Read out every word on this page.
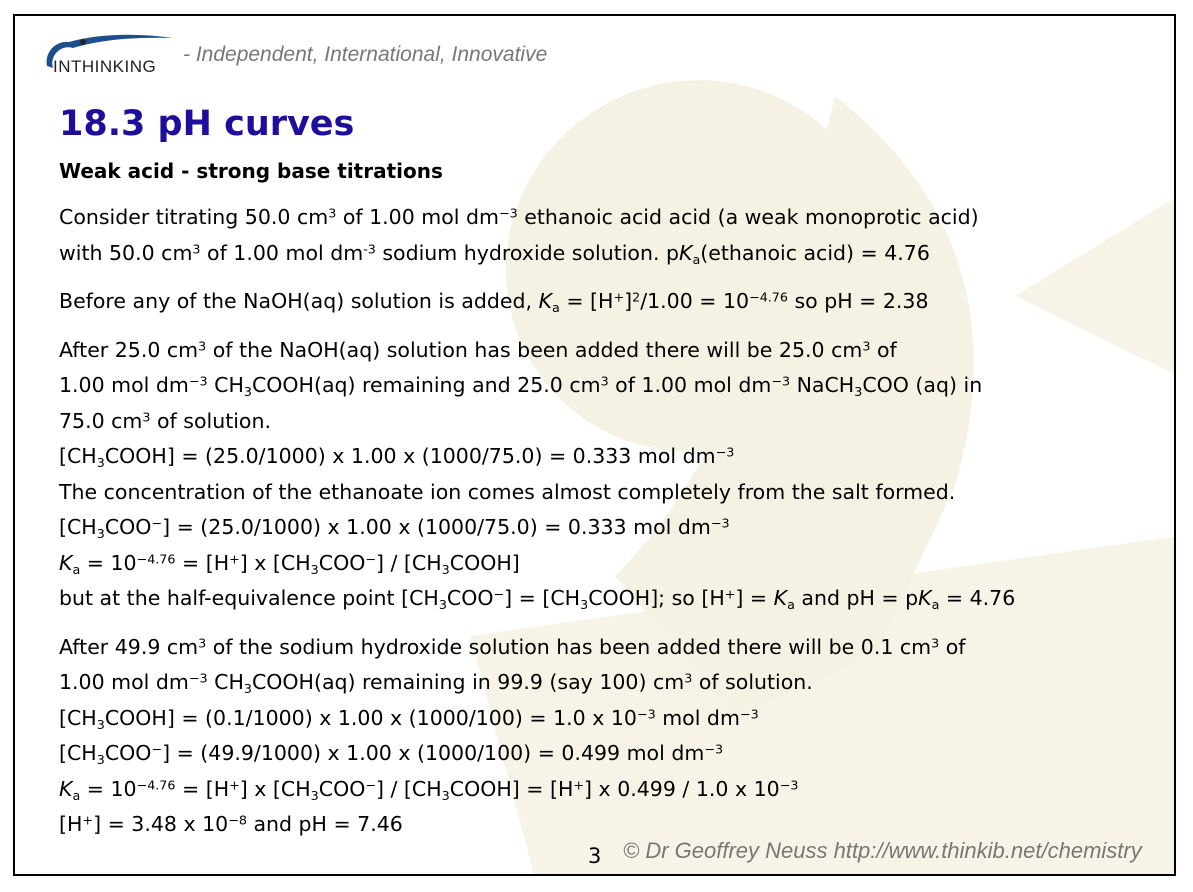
INTHINKING
- Independent, International, Innovative
18.3 pH curves
Weak acid - strong base titrations

Consider titrating 50.0 $cm^3$ of 1.00 mol $dm^{-3}$ ethanoic acid acid (a weak monoprotic acid)

with 50.0 $cm^3$ of 1.00 mol $dm^{-3}$ sodium hydroxide solution. $pK_a(ethanoic$ acid) = 4.76

Before any of the NaOH(aq) solution is added, $K_a = [H^+]^2/1.00 = 10^{-4.76}$ so pH = 2.38

After 25.0 $cm^3$ of the NaOH(aq) solution has been added there will be 25.0 $cm^3$ of

1.00 mol $dm^{-3}$ $CH_3COOH(aq)$ remaining and 25.0 $cm^3$ of 1.00 mol $dm^{-3}$ NaCH$_3$COO (aq) in

75.0 $cm^3$ of solution.

$[CH_3COOH] = (25.0/1000)$ x 1.00 x (1000/75.0) = 0.333 mol $dm^{-3}$

The concentration of the ethanoate ion comes almost completely from the salt formed.

$[CH_3COO^-] = (25.0/1000)$ x 1.00 x (1000/75.0) = 0.333 mol $dm^{-3}$

$K_a = 10^{-4.76} = [H^+]$ x $[CH_3COO^-]$ / $[CH_3COOH]$

but at the half-equivalence point $[CH_3COO^-]$ = $[CH_3COOH]$; so $[H^+] = K_a$ and pH = $pK_a = 4.76$

After 49.9 $cm^3$ of the sodium hydroxide solution has been added there will be 0.1 $cm^3$ of

1.00 mol $dm^{-3}$ $CH_3COOH(aq)$ remaining in 99.9 (say 100) $cm^3$ of solution.

$[CH_3COOH] = (0.1/1000)$ x 1.00 x (1000/100) = 1.0 x $10^{-3}$ mol $dm^{-3}$

$[CH_3COO^-] = (49.9/1000)$ x 1.00 x (1000/100) = 0.499 mol $dm^{-3}$

$K_a = 10^{-4.76} = [H^+]$ x $[CH_3COO^-]$ / $[CH_3COOH] = [H^+]$ x 0.499 / 1.0 x $10^{-3}$

[H+] = 3.48 x $10^{-8}$ and pH = 7.46

3 © Dr Geoffrey Neuss http://www.thinkib.net/chemistry
